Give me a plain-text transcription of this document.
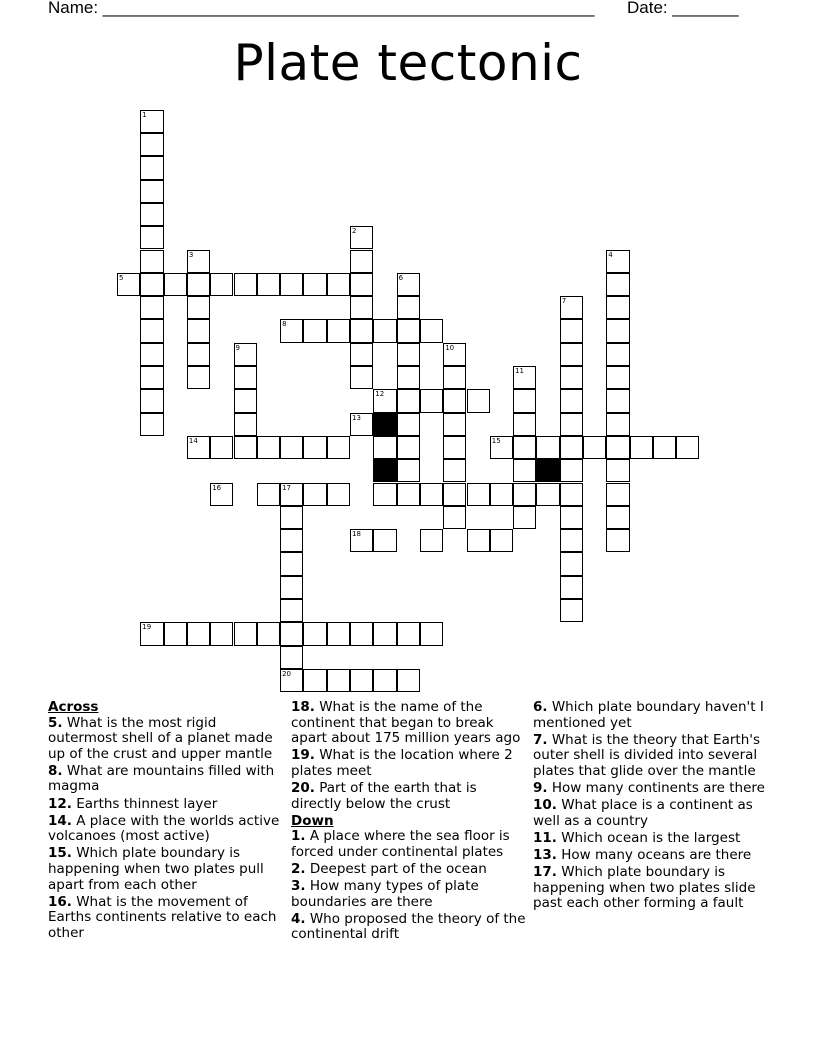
Name: ____________________________________________________ Date: _______
Plate tectonic
1
2
3	4
5	6
7
8
9	10
11
12
13
14	15
16	17
18
19
20
Across
5. What is the most rigid outermost shell of a planet made up of the crust and upper mantle
8. What are mountains filled with magma
12. Earths thinnest layer
14. A place with the worlds active volcanoes (most active)
15. Which plate boundary is happening when two plates pull apart from each other
16. What is the movement of Earths continents relative to each other
18. What is the name of the continent that began to break apart about 175 million years ago
19. What is the location where 2 plates meet
20. Part of the earth that is directly below the crust
Down
1. A place where the sea floor is forced under continental plates
2. Deepest part of the ocean
3. How many types of plate boundaries are there
4. Who proposed the theory of the continental drift
6. Which plate boundary haven't I mentioned yet
7. What is the theory that Earth's outer shell is divided into several plates that glide over the mantle
9. How many continents are there
10. What place is a continent as well as a country
11. Which ocean is the largest
13. How many oceans are there
17. Which plate boundary is happening when two plates slide past each other forming a fault
